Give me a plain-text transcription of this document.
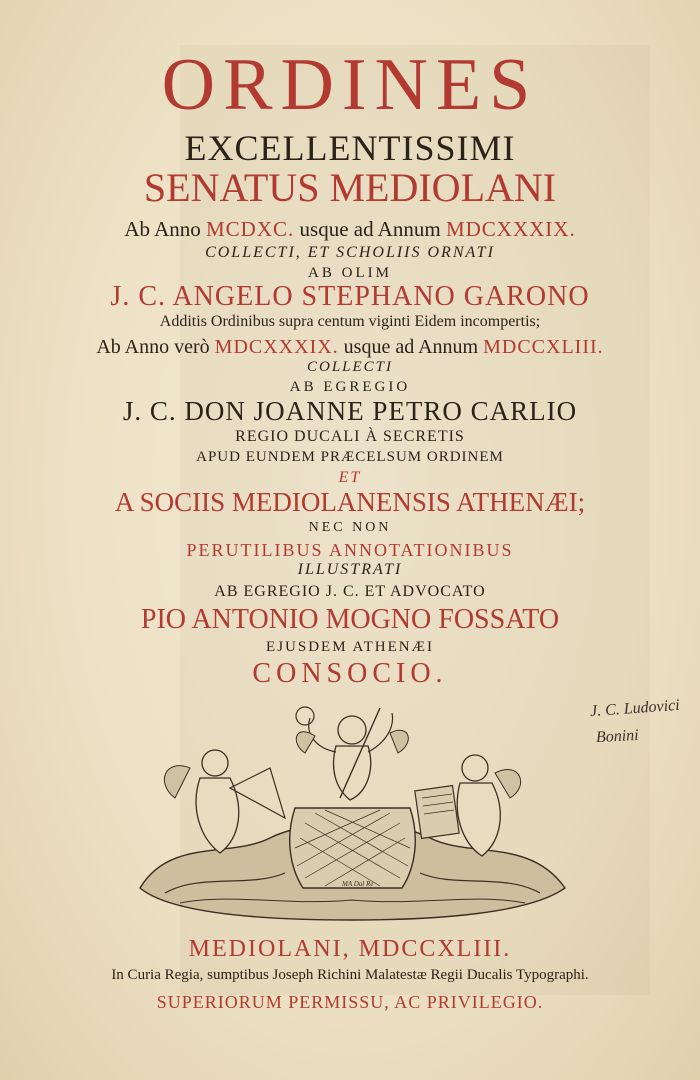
ORDINES
EXCELLENTISSIMI
SENATUS MEDIOLANI
Ab Anno MCDXC. usque ad Annum MDCXXXIX.
COLLECTI, ET SCHOLIIS ORNATI
AB OLIM
J. C. ANGELO STEPHANO GARONO
Additis Ordinibus supra centum viginti Eidem incompertis;
Ab Anno verò MDCXXXIX. usque ad Annum MDCCXLIII.
COLLECTI
AB EGREGIO
J. C. DON JOANNE PETRO CARLIO
REGIO DUCALI À SECRETIS
APUD EUNDEM PRÆCELSUM ORDINEM
ET
A SOCIIS MEDIOLANENSIS ATHENÆI;
NEC NON
PERUTILIBUS ANNOTATIONIBUS
ILLUSTRATI
AB EGREGIO J. C. ET ADVOCATO
PIO ANTONIO MOGNO FOSSATO
EJUSDEM ATHENÆI
CONSOCIO.
MA Dal Re
MEDIOLANI, MDCCXLIII.
In Curia Regia, sumptibus Joseph Richini Malatestæ Regii Ducalis Typographi.
SUPERIORUM PERMISSU, AC PRIVILEGIO.
J. C. Ludovici
Bonini
